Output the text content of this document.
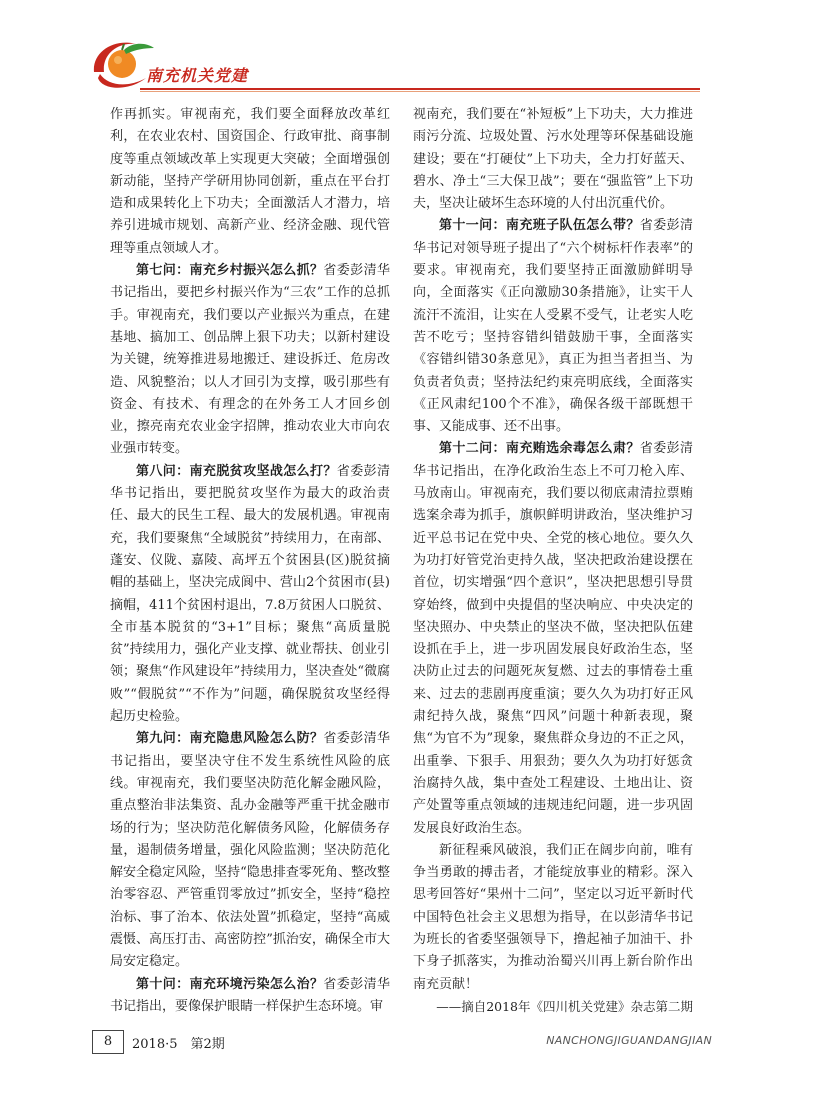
南充机关党建

作再抓实。审视南充，我们要全面释放改革红利，在农业农村、国资国企、行政审批、商事制度等重点领域改革上实现更大突破；全面增强创新动能，坚持产学研用协同创新，重点在平台打造和成果转化上下功夫；全面激活人才潜力，培养引进城市规划、高新产业、经济金融、现代管理等重点领域人才。

第七问：南充乡村振兴怎么抓？省委彭清华书记指出，要把乡村振兴作为“三农”工作的总抓手。审视南充，我们要以产业振兴为重点，在建基地、搞加工、创品牌上狠下功夫；以新村建设为关键，统筹推进易地搬迁、建设拆迁、危房改造、风貌整治；以人才回引为支撑，吸引那些有资金、有技术、有理念的在外务工人才回乡创业，擦亮南充农业金字招牌，推动农业大市向农业强市转变。

第八问：南充脱贫攻坚战怎么打？省委彭清华书记指出，要把脱贫攻坚作为最大的政治责任、最大的民生工程、最大的发展机遇。审视南充，我们要聚焦“全域脱贫”持续用力，在南部、蓬安、仪陇、嘉陵、高坪五个贫困县(区)脱贫摘帽的基础上，坚决完成阆中、营山2个贫困市(县)摘帽，411个贫困村退出，7.8万贫困人口脱贫、全市基本脱贫的“3+1”目标；聚焦“高质量脱贫”持续用力，强化产业支撑、就业帮扶、创业引领；聚焦“作风建设年”持续用力，坚决查处“微腐败”“假脱贫”“不作为”问题，确保脱贫攻坚经得起历史检验。

第九问：南充隐患风险怎么防？省委彭清华书记指出，要坚决守住不发生系统性风险的底线。审视南充，我们要坚决防范化解金融风险，重点整治非法集资、乱办金融等严重干扰金融市场的行为；坚决防范化解债务风险，化解债务存量，遏制债务增量，强化风险监测；坚决防范化解安全稳定风险，坚持“隐患排查零死角、整改整治零容忍、严管重罚零放过”抓安全，坚持“稳控治标、事了治本、依法处置”抓稳定，坚持“高威震慑、高压打击、高密防控”抓治安，确保全市大局安定稳定。

第十问：南充环境污染怎么治？省委彭清华书记指出，要像保护眼睛一样保护生态环境。审

视南充，我们要在“补短板”上下功夫，大力推进雨污分流、垃圾处置、污水处理等环保基础设施建设；要在“打硬仗”上下功夫，全力打好蓝天、碧水、净土“三大保卫战”；要在“强监管”上下功夫，坚决让破坏生态环境的人付出沉重代价。

第十一问：南充班子队伍怎么带？省委彭清华书记对领导班子提出了“六个树标杆作表率”的要求。审视南充，我们要坚持正面激励鲜明导向，全面落实《正向激励30条措施》，让实干人流汗不流泪，让实在人受累不受气，让老实人吃苦不吃亏；坚持容错纠错鼓励干事，全面落实《容错纠错30条意见》，真正为担当者担当、为负责者负责；坚持法纪约束亮明底线，全面落实《正风肃纪100个不准》，确保各级干部既想干事、又能成事、还不出事。

第十二问：南充贿选余毒怎么肃？省委彭清华书记指出，在净化政治生态上不可刀枪入库、马放南山。审视南充，我们要以彻底肃清拉票贿选案余毒为抓手，旗帜鲜明讲政治，坚决维护习近平总书记在党中央、全党的核心地位。要久久为功打好管党治吏持久战，坚决把政治建设摆在首位，切实增强“四个意识”，坚决把思想引导贯穿始终，做到中央提倡的坚决响应、中央决定的坚决照办、中央禁止的坚决不做，坚决把队伍建设抓在手上，进一步巩固发展良好政治生态，坚决防止过去的问题死灰复燃、过去的事情卷土重来、过去的悲剧再度重演；要久久为功打好正风肃纪持久战，聚焦“四风”问题十种新表现，聚焦“为官不为”现象，聚焦群众身边的不正之风，出重拳、下狠手、用狠劲；要久久为功打好惩贪治腐持久战，集中查处工程建设、土地出让、资产处置等重点领域的违规违纪问题，进一步巩固发展良好政治生态。

新征程乘风破浪，我们正在阔步向前，唯有争当勇敢的搏击者，才能绽放事业的精彩。深入思考回答好“果州十二问”，坚定以习近平新时代中国特色社会主义思想为指导，在以彭清华书记为班长的省委坚强领导下，撸起袖子加油干、扑下身子抓落实，为推动治蜀兴川再上新台阶作出南充贡献！

——摘自2018年《四川机关党建》杂志第二期

8	2018·5　第2期	NANCHONGJIGUANDANGJIAN
